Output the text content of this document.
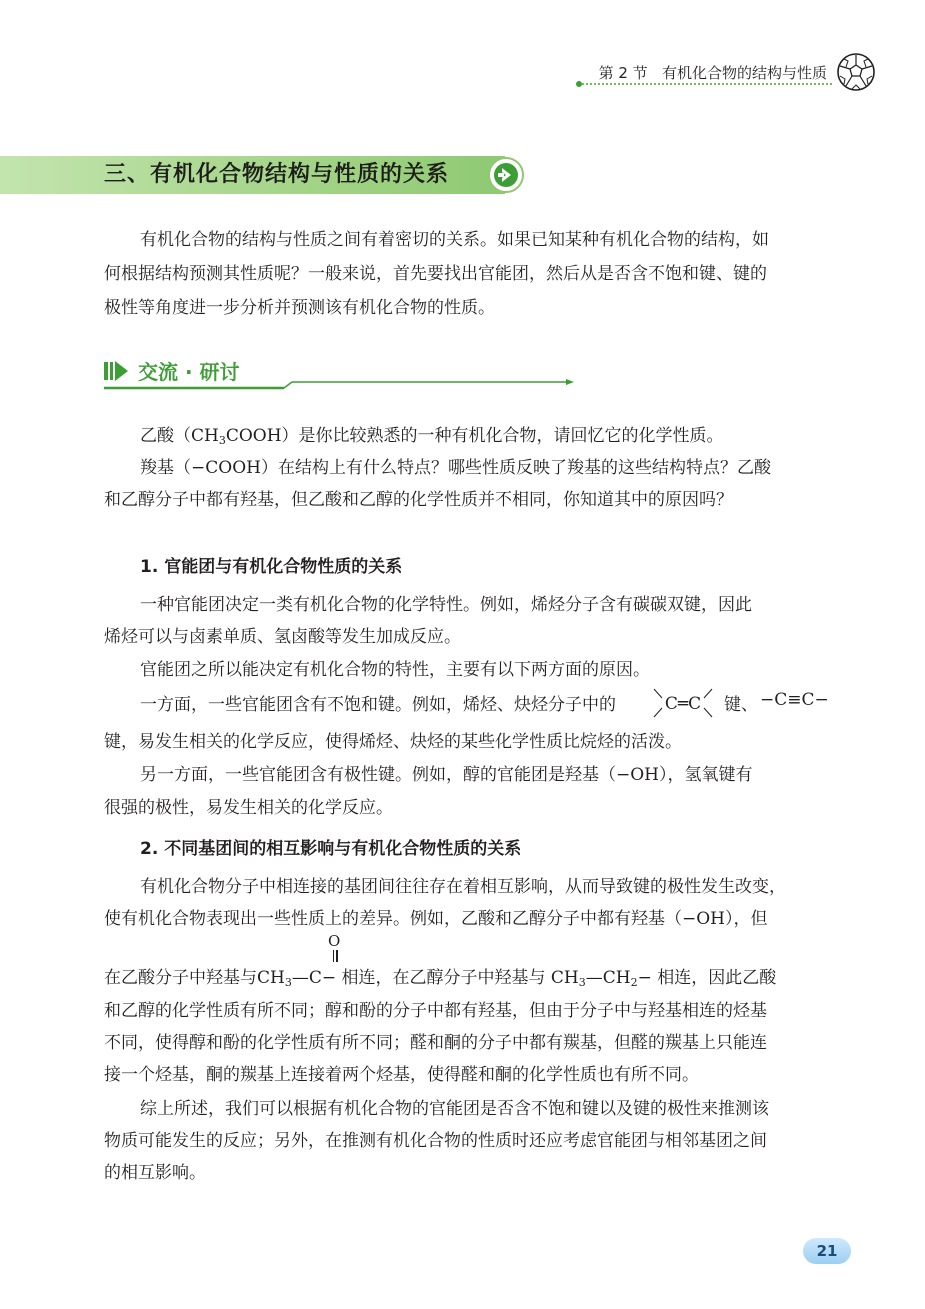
第 2 节 有机化合物的结构与性质
三、有机化合物结构与性质的关系
有机化合物的结构与性质之间有着密切的关系。如果已知某种有机化合物的结构，如
何根据结构预测其性质呢？一般来说，首先要找出官能团，然后从是否含不饱和键、键的
极性等角度进一步分析并预测该有机化合物的性质。
交流 · 研讨
乙酸$(CH_3COOH)$是你比较熟悉的一种有机化合物，请回忆它的化学性质。
羧基（−COOH）在结构上有什么特点？哪些性质反映了羧基的这些结构特点？乙酸
和乙醇分子中都有羟基，但乙酸和乙醇的化学性质并不相同，你知道其中的原因吗？
1. 官能团与有机化合物性质的关系
一种官能团决定一类有机化合物的化学特性。例如，烯烃分子含有碳碳双键，因此
烯烃可以与卤素单质、氢卤酸等发生加成反应。
官能团之所以能决定有机化合物的特性，主要有以下两方面的原因。
一方面，一些官能团含有不饱和键。例如，烯烃、炔烃分子中的	C═C 键、 −C≡C−
键，易发生相关的化学反应，使得烯烃、炔烃的某些化学性质比烷烃的活泼。
另一方面，一些官能团含有极性键。例如，醇的官能团是羟基（−OH），氢氧键有
很强的极性，易发生相关的化学反应。
2. 不同基团间的相互影响与有机化合物性质的关系
有机化合物分子中相连接的基团间往往存在着相互影响，从而导致键的极性发生改变，
使有机化合物表现出一些性质上的差异。例如，乙酸和乙醇分子中都有羟基（−OH），但
O
在乙酸分子中羟基与$CH_3—C-$ 相连，在乙醇分子中羟基与 $CH_3—CH_2-$ 相连，因此乙酸
和乙醇的化学性质有所不同；醇和酚的分子中都有羟基，但由于分子中与羟基相连的烃基
不同，使得醇和酚的化学性质有所不同；醛和酮的分子中都有羰基，但醛的羰基上只能连
接一个烃基，酮的羰基上连接着两个烃基，使得醛和酮的化学性质也有所不同。
综上所述，我们可以根据有机化合物的官能团是否含不饱和键以及键的极性来推测该
物质可能发生的反应；另外，在推测有机化合物的性质时还应考虑官能团与相邻基团之间
的相互影响。
21
